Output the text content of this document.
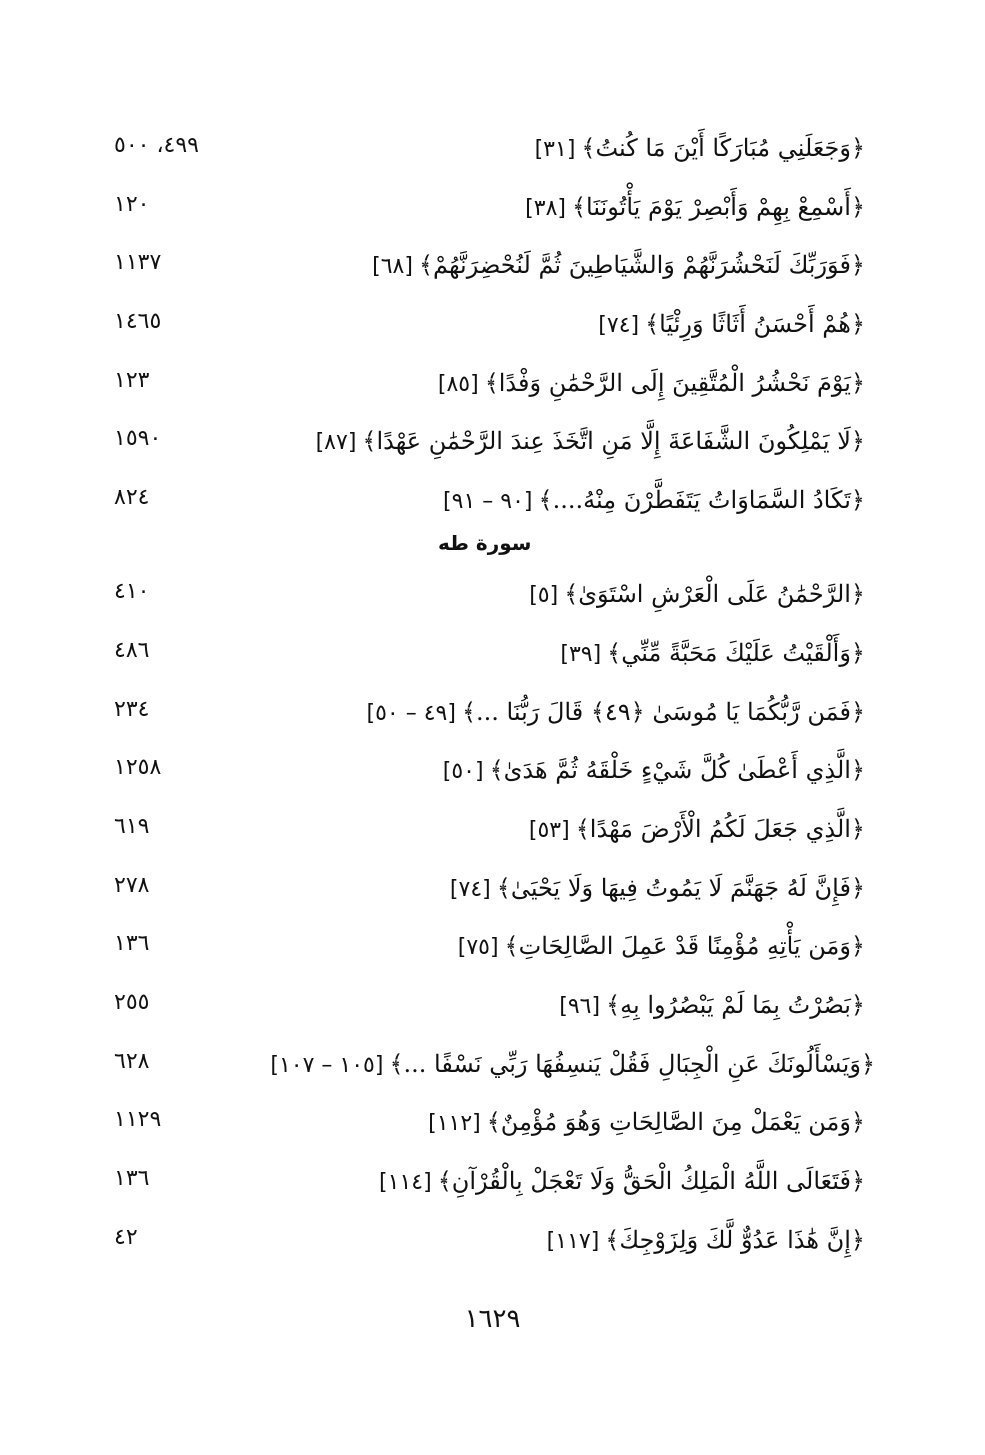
﴿وَجَعَلَنِي مُبَارَكًا أَيْنَ مَا كُنتُ﴾[٣١]
٤٩٩، ٥٠٠
﴿أَسْمِعْ بِهِمْ وَأَبْصِرْ يَوْمَ يَأْتُونَنَا﴾[٣٨]
١٢٠
﴿فَوَرَبِّكَ لَنَحْشُرَنَّهُمْ وَالشَّيَاطِينَ ثُمَّ لَنُحْضِرَنَّهُمْ﴾[٦٨]
١١٣٧
﴿هُمْ أَحْسَنُ أَثَاثًا وَرِئْيًا﴾[٧٤]
١٤٦٥
﴿يَوْمَ نَحْشُرُ الْمُتَّقِينَ إِلَى الرَّحْمَٰنِ وَفْدًا﴾[٨٥]
١٢٣
﴿لَا يَمْلِكُونَ الشَّفَاعَةَ إِلَّا مَنِ اتَّخَذَ عِندَ الرَّحْمَٰنِ عَهْدًا﴾[٨٧]
١٥٩٠
﴿تَكَادُ السَّمَاوَاتُ يَتَفَطَّرْنَ مِنْهُ....﴾[٩٠ – ٩١]
٨٢٤
سورة طه
﴿الرَّحْمَٰنُ عَلَى الْعَرْشِ اسْتَوَىٰ﴾[٥]
٤١٠
﴿وَأَلْقَيْتُ عَلَيْكَ مَحَبَّةً مِّنِّي﴾[٣٩]
٤٨٦
﴿فَمَن رَّبُّكُمَا يَا مُوسَىٰ ﴿٤٩﴾ قَالَ رَبُّنَا ...﴾[٤٩ – ٥٠]
٢٣٤
﴿الَّذِي أَعْطَىٰ كُلَّ شَيْءٍ خَلْقَهُ ثُمَّ هَدَىٰ﴾[٥٠]
١٢٥٨
﴿الَّذِي جَعَلَ لَكُمُ الْأَرْضَ مَهْدًا﴾[٥٣]
٦١٩
﴿فَإِنَّ لَهُ جَهَنَّمَ لَا يَمُوتُ فِيهَا وَلَا يَحْيَىٰ﴾[٧٤]
٢٧٨
﴿وَمَن يَأْتِهِ مُؤْمِنًا قَدْ عَمِلَ الصَّالِحَاتِ﴾[٧٥]
١٣٦
﴿بَصُرْتُ بِمَا لَمْ يَبْصُرُوا بِهِ﴾[٩٦]
٢٥٥
﴿وَيَسْأَلُونَكَ عَنِ الْجِبَالِ فَقُلْ يَنسِفُهَا رَبِّي نَسْفًا ...﴾[١٠٥ – ١٠٧]
٦٢٨
﴿وَمَن يَعْمَلْ مِنَ الصَّالِحَاتِ وَهُوَ مُؤْمِنٌ﴾[١١٢]
١١٢٩
﴿فَتَعَالَى اللَّهُ الْمَلِكُ الْحَقُّ وَلَا تَعْجَلْ بِالْقُرْآنِ﴾[١١٤]
١٣٦
﴿إِنَّ هَٰذَا عَدُوٌّ لَّكَ وَلِزَوْجِكَ﴾[١١٧]
٤٢
١٦٢٩
